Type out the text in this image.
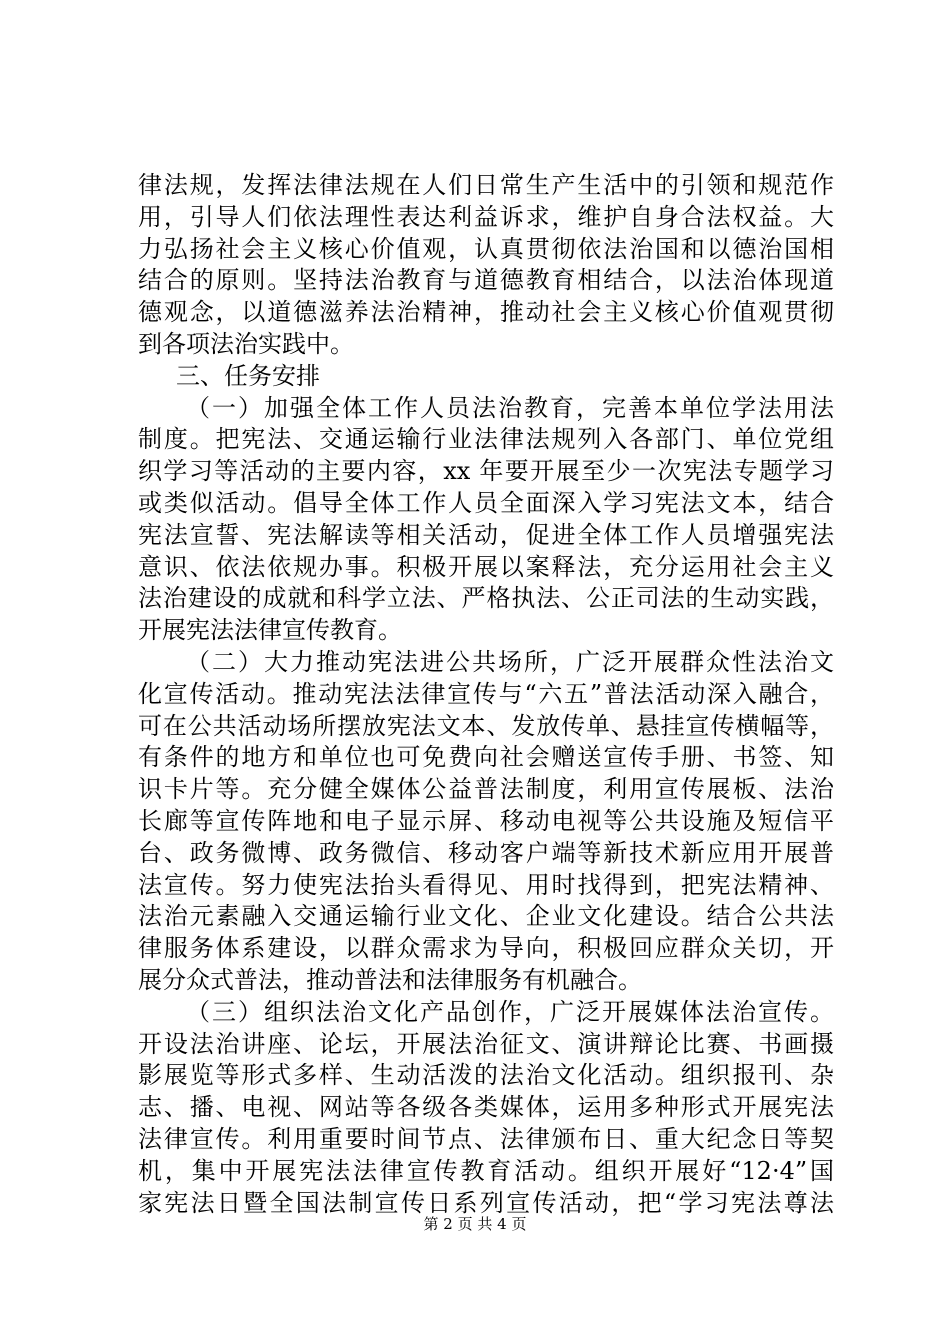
律法规，发挥法律法规在人们日常生产生活中的引领和规范作
用，引导人们依法理性表达利益诉求，维护自身合法权益。大
力弘扬社会主义核心价值观，认真贯彻依法治国和以德治国相
结合的原则。坚持法治教育与道德教育相结合，以法治体现道
德观念，以道德滋养法治精神，推动社会主义核心价值观贯彻
到各项法治实践中。
三、任务安排
（一）加强全体工作人员法治教育，完善本单位学法用法
制度。把宪法、交通运输行业法律法规列入各部门、单位党组
织学习等活动的主要内容，xx 年要开展至少一次宪法专题学习
或类似活动。倡导全体工作人员全面深入学习宪法文本，结合
宪法宣誓、宪法解读等相关活动，促进全体工作人员增强宪法
意识、依法依规办事。积极开展以案释法，充分运用社会主义
法治建设的成就和科学立法、严格执法、公正司法的生动实践，
开展宪法法律宣传教育。
（二）大力推动宪法进公共场所，广泛开展群众性法治文
化宣传活动。推动宪法法律宣传与“六五”普法活动深入融合，
可在公共活动场所摆放宪法文本、发放传单、悬挂宣传横幅等，
有条件的地方和单位也可免费向社会赠送宣传手册、书签、知
识卡片等。充分健全媒体公益普法制度，利用宣传展板、法治
长廊等宣传阵地和电子显示屏、移动电视等公共设施及短信平
台、政务微博、政务微信、移动客户端等新技术新应用开展普
法宣传。努力使宪法抬头看得见、用时找得到，把宪法精神、
法治元素融入交通运输行业文化、企业文化建设。结合公共法
律服务体系建设，以群众需求为导向，积极回应群众关切，开
展分众式普法，推动普法和法律服务有机融合。
（三）组织法治文化产品创作，广泛开展媒体法治宣传。
开设法治讲座、论坛，开展法治征文、演讲辩论比赛、书画摄
影展览等形式多样、生动活泼的法治文化活动。组织报刊、杂
志、播、电视、网站等各级各类媒体，运用多种形式开展宪法
法律宣传。利用重要时间节点、法律颁布日、重大纪念日等契
机，集中开展宪法法律宣传教育活动。组织开展好“12·4”国
家宪法日暨全国法制宣传日系列宣传活动，把“学习宪法尊法
第 2 页 共 4 页
